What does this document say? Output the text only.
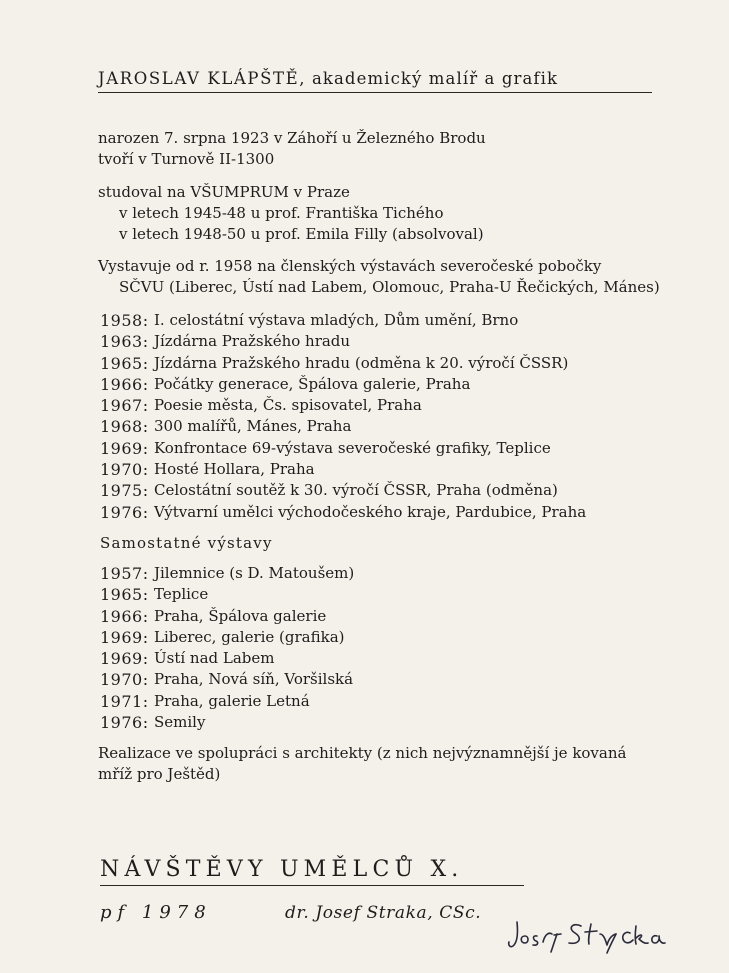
JAROSLAV KLÁPŠTĚ, akademický malíř a grafik
narozen 7. srpna 1923 v Záhoří u Železného Brodu
tvoří v Turnově II-1300
studoval na VŠUMPRUM v Praze
v letech 1945-48 u prof. Františka Tichého
v letech 1948-50 u prof. Emila Filly (absolvoval)
Vystavuje od r. 1958 na členských výstavách severočeské pobočky
SČVU (Liberec, Ústí nad Labem, Olomouc, Praha-U Řečických, Mánes)
1958: I. celostátní výstava mladých, Dům umění, Brno
1963: Jízdárna Pražského hradu
1965: Jízdárna Pražského hradu (odměna k 20. výročí ČSSR)
1966: Počátky generace, Špálova galerie, Praha
1967: Poesie města, Čs. spisovatel, Praha
1968: 300 malířů, Mánes, Praha
1969: Konfrontace 69-výstava severočeské grafiky, Teplice
1970: Hosté Hollara, Praha
1975: Celostátní soutěž k 30. výročí ČSSR, Praha (odměna)
1976: Výtvarní umělci východočeského kraje, Pardubice, Praha
Samostatné výstavy
1957: Jilemnice (s D. Matoušem)
1965: Teplice
1966: Praha, Špálova galerie
1969: Liberec, galerie (grafika)
1969: Ústí nad Labem
1970: Praha, Nová síň, Voršilská
1971: Praha, galerie Letná
1976: Semily
Realizace ve spolupráci s architekty (z nich nejvýznamnější je kovaná
mříž pro Ještěd)
NÁVŠTĚVY UMĚLCŮ X.
pf 1978	dr. Josef Straka, CSc.
